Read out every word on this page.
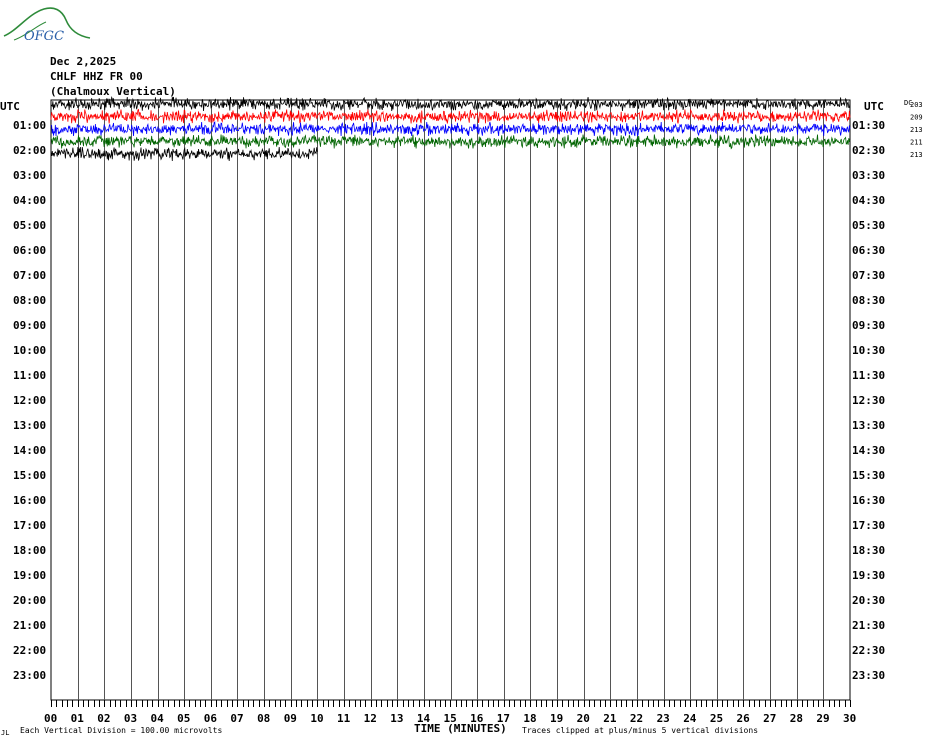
OFGC
Dec 2,2025
CHLF HHZ FR 00
(Chalmoux Vertical)
UTC	UTC	DC
01:00
02:00
03:00
04:00
05:00
06:00
07:00
08:00
09:00
10:00
11:00
12:00
13:00
14:00
15:00
16:00
17:00
18:00
19:00
20:00
21:00
22:00
23:00
01:30
02:30
03:30
04:30
05:30
06:30
07:30
08:30
09:30
10:30
11:30
12:30
13:30
14:30
15:30
16:30
17:30
18:30
19:30
20:30
21:30
22:30
23:30
203
209
213
211
213
00 01 02 03 04 05 06 07 08 09 10 11 12 13 14 15 16 17 18 19 20 21 22 23 24 25 26 27 28 29 30
TIME (MINUTES)
JL Each Vertical Division = 100.00 microvolts	Traces clipped at plus/minus 5 vertical divisions
